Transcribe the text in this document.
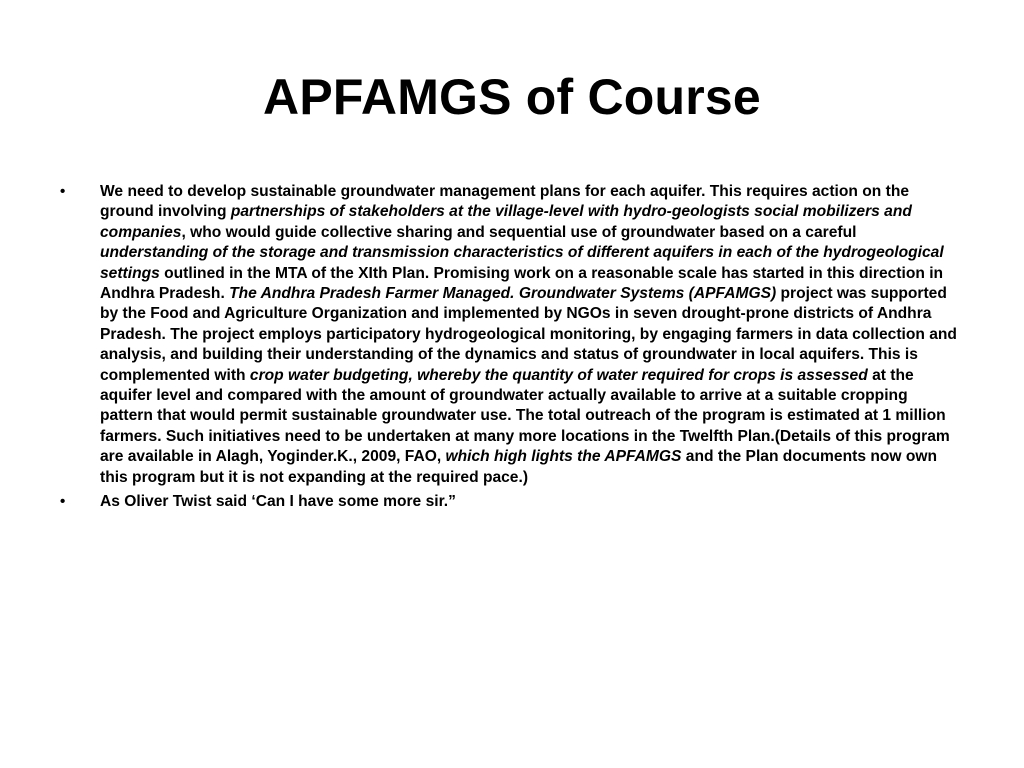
APFAMGS of Course
•	We need to develop sustainable groundwater management plans for each aquifer. This requires action on the ground involving partnerships of stakeholders at the village-level with hydro-geologists social mobilizers and companies, who would guide collective sharing and sequential use of groundwater based on a careful understanding of the storage and transmission characteristics of different aquifers in each of the hydrogeological settings outlined in the MTA of the XIth Plan. Promising work on a reasonable scale has started in this direction in Andhra Pradesh. The Andhra Pradesh Farmer Managed. Groundwater Systems (APFAMGS) project was supported by the Food and Agriculture Organization and implemented by NGOs in seven drought-prone districts of Andhra Pradesh. The project employs participatory hydrogeological monitoring, by engaging farmers in data collection and analysis, and building their understanding of the dynamics and status of groundwater in local aquifers. This is complemented with crop water budgeting, whereby the quantity of water required for crops is assessed at the aquifer level and compared with the amount of groundwater actually available to arrive at a suitable cropping pattern that would permit sustainable groundwater use. The total outreach of the program is estimated at 1 million farmers. Such initiatives need to be undertaken at many more locations in the Twelfth Plan.(Details of this program are available in Alagh, Yoginder.K., 2009, FAO, which high lights the APFAMGS and the Plan documents now own this program but it is not expanding at the required pace.)
•	As Oliver Twist said ‘Can I have some more sir.”
